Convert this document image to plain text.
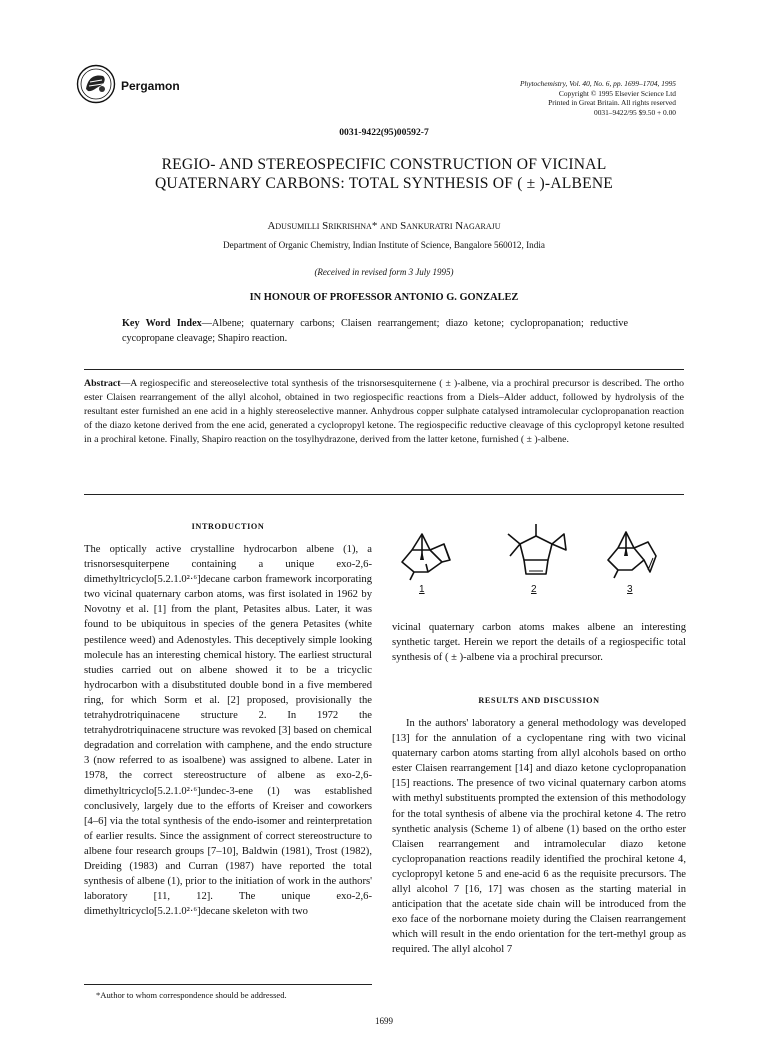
Pergamon	Phytochemistry, Vol. 40, No. 6, pp. 1699–1704, 1995
Copyright © 1995 Elsevier Science Ltd
Printed in Great Britain. All rights reserved
0031–9422/95 $9.50 + 0.00
0031-9422(95)00592-7
REGIO- AND STEREOSPECIFIC CONSTRUCTION OF VICINAL
QUATERNARY CARBONS: TOTAL SYNTHESIS OF ( ± )-ALBENE
Adusumilli Srikrishna* and Sankuratri Nagaraju
Department of Organic Chemistry, Indian Institute of Science, Bangalore 560012, India
(Received in revised form 3 July 1995)
IN HONOUR OF PROFESSOR ANTONIO G. GONZALEZ
Key Word Index—Albene; quaternary carbons; Claisen rearrangement; diazo ketone; cyclopropanation; reductive cycopropane cleavage; Shapiro reaction.
Abstract—A regiospecific and stereoselective total synthesis of the trisnorsesquiternene ( ± )-albene, via a prochiral precursor is described. The ortho ester Claisen rearrangement of the allyl alcohol, obtained in two regiospecific reactions from a Diels–Alder adduct, followed by hydrolysis of the resultant ester furnished an ene acid in a highly stereoselective manner. Anhydrous copper sulphate catalysed intramolecular cyclopropanation reaction of the diazo ketone derived from the ene acid, generated a cyclopropyl ketone. The regiospecific reductive cleavage of this cyclopropyl ketone resulted in a prochiral ketone. Finally, Shapiro reaction on the tosylhydrazone, derived from the latter ketone, furnished ( ± )-albene.
INTRODUCTION

The optically active crystalline hydrocarbon albene (1), a trisnorsesquiterpene containing a unique exo-2,6-dimethyltricyclo[5.2.1.0²·⁶]decane carbon framework incorporating two vicinal quaternary carbon atoms, was first isolated in 1962 by Novotny et al. [1] from the plant, Petasites albus. Later, it was found to be ubiquitous in species of the genera Petasites (white pestilence weed) and Adenostyles. This deceptively simple looking molecule has an interesting chemical history. The earliest structural studies carried out on albene showed it to be a tricyclic hydrocarbon with a disubstituted double bond in a five membered ring, for which Sorm et al. [2] proposed, provisionally the tetrahydrotriquinacene structure 2. In 1972 the tetrahydrotriquinacene structure was revoked [3] based on chemical degradation and correlation with camphene, and the endo structure 3 (now referred to as isoalbene) was assigned to albene. Later in 1978, the correct stereostructure of albene as exo-2,6-dimethyltricyclo[5.2.1.0²·⁶]undec-3-ene (1) was established conclusively, largely due to the efforts of Kreiser and coworkers [4–6] via the total synthesis of the endo-isomer and reinterpretation of earlier results. Since the assignment of correct stereostructure to albene four research groups [7–10], Baldwin (1981), Trost (1982), Dreiding (1983) and Curran (1987) have reported the total synthesis of albene (1), prior to the initiation of work in the authors' laboratory [11, 12]. The unique exo-2,6-dimethyltricyclo[5.2.1.0²·⁶]decane skeleton with two

*Author to whom correspondence should be addressed.
1	2	3

vicinal quaternary carbon atoms makes albene an interesting synthetic target. Herein we report the details of a regiospecific total synthesis of ( ± )-albene via a prochiral precursor.

RESULTS AND DISCUSSION

In the authors' laboratory a general methodology was developed [13] for the annulation of a cyclopentane ring with two vicinal quaternary carbon atoms starting from allyl alcohols based on ortho ester Claisen rearrangement [14] and diazo ketone cyclopropanation [15] reactions. The presence of two vicinal quaternary carbon atoms with methyl substituents prompted the extension of this methodology for the total synthesis of albene via the prochiral ketone 4. The retro synthetic analysis (Scheme 1) of albene (1) based on the ortho ester Claisen rearrangement and intramolecular diazo ketone cyclopropanation reactions readily identified the prochiral ketone 4, cyclopropyl ketone 5 and ene-acid 6 as the requisite precursors. The allyl alcohol 7 [16, 17] was chosen as the starting material in anticipation that the acetate side chain will be introduced from the exo face of the norbornane moiety during the Claisen rearrangement which will result in the endo orientation for the tert-methyl group as required. The allyl alcohol 7

1699
